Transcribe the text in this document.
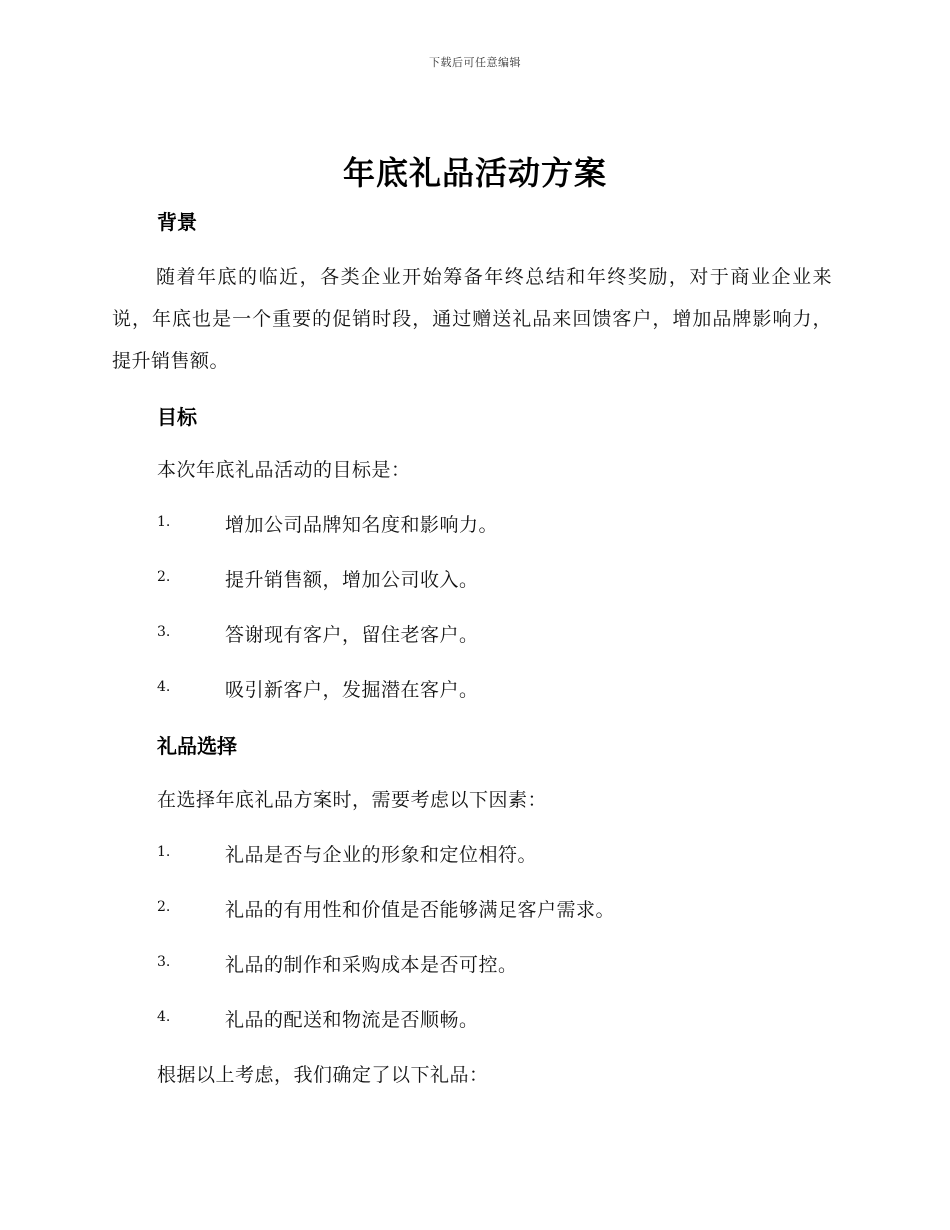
下载后可任意编辑
年底礼品活动方案
背景
随着年底的临近，各类企业开始筹备年终总结和年终奖励，对于商业企业来说，年底也是一个重要的促销时段，通过赠送礼品来回馈客户，增加品牌影响力，提升销售额。
目标
本次年底礼品活动的目标是：
1.	增加公司品牌知名度和影响力。
2.	提升销售额，增加公司收入。
3.	答谢现有客户，留住老客户。
4.	吸引新客户，发掘潜在客户。
礼品选择
在选择年底礼品方案时，需要考虑以下因素：
1.	礼品是否与企业的形象和定位相符。
2.	礼品的有用性和价值是否能够满足客户需求。
3.	礼品的制作和采购成本是否可控。
4.	礼品的配送和物流是否顺畅。
根据以上考虑，我们确定了以下礼品：
